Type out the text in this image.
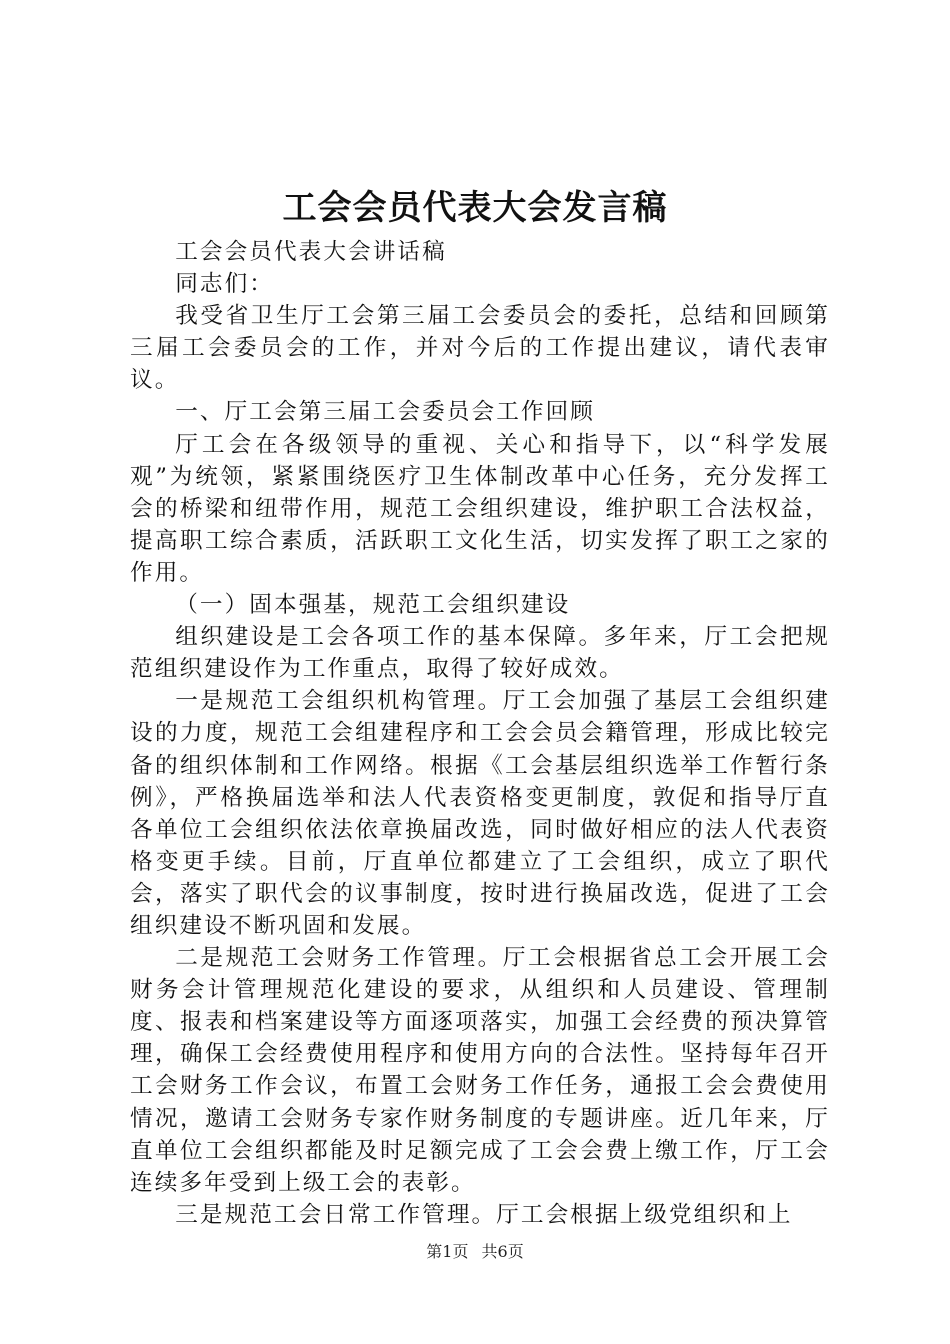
工会会员代表大会发言稿

工会会员代表大会讲话稿

同志们：

我受省卫生厅工会第三届工会委员会的委托，总结和回顾第三届工会委员会的工作，并对今后的工作提出建议，请代表审议。

一、厅工会第三届工会委员会工作回顾

厅工会在各级领导的重视、关心和指导下，以“科学发展观”为统领，紧紧围绕医疗卫生体制改革中心任务，充分发挥工会的桥梁和纽带作用，规范工会组织建设，维护职工合法权益，提高职工综合素质，活跃职工文化生活，切实发挥了职工之家的作用。

（一）固本强基，规范工会组织建设

组织建设是工会各项工作的基本保障。多年来，厅工会把规范组织建设作为工作重点，取得了较好成效。

一是规范工会组织机构管理。厅工会加强了基层工会组织建设的力度，规范工会组建程序和工会会员会籍管理，形成比较完备的组织体制和工作网络。根据《工会基层组织选举工作暂行条例》，严格换届选举和法人代表资格变更制度，敦促和指导厅直各单位工会组织依法依章换届改选，同时做好相应的法人代表资格变更手续。目前，厅直单位都建立了工会组织，成立了职代会，落实了职代会的议事制度，按时进行换届改选，促进了工会组织建设不断巩固和发展。

二是规范工会财务工作管理。厅工会根据省总工会开展工会财务会计管理规范化建设的要求，从组织和人员建设、管理制度、报表和档案建设等方面逐项落实，加强工会经费的预决算管理，确保工会经费使用程序和使用方向的合法性。坚持每年召开工会财务工作会议，布置工会财务工作任务，通报工会会费使用情况，邀请工会财务专家作财务制度的专题讲座。近几年来，厅直单位工会组织都能及时足额完成了工会会费上缴工作，厅工会连续多年受到上级工会的表彰。

三是规范工会日常工作管理。厅工会根据上级党组织和上

第1页 共6页
